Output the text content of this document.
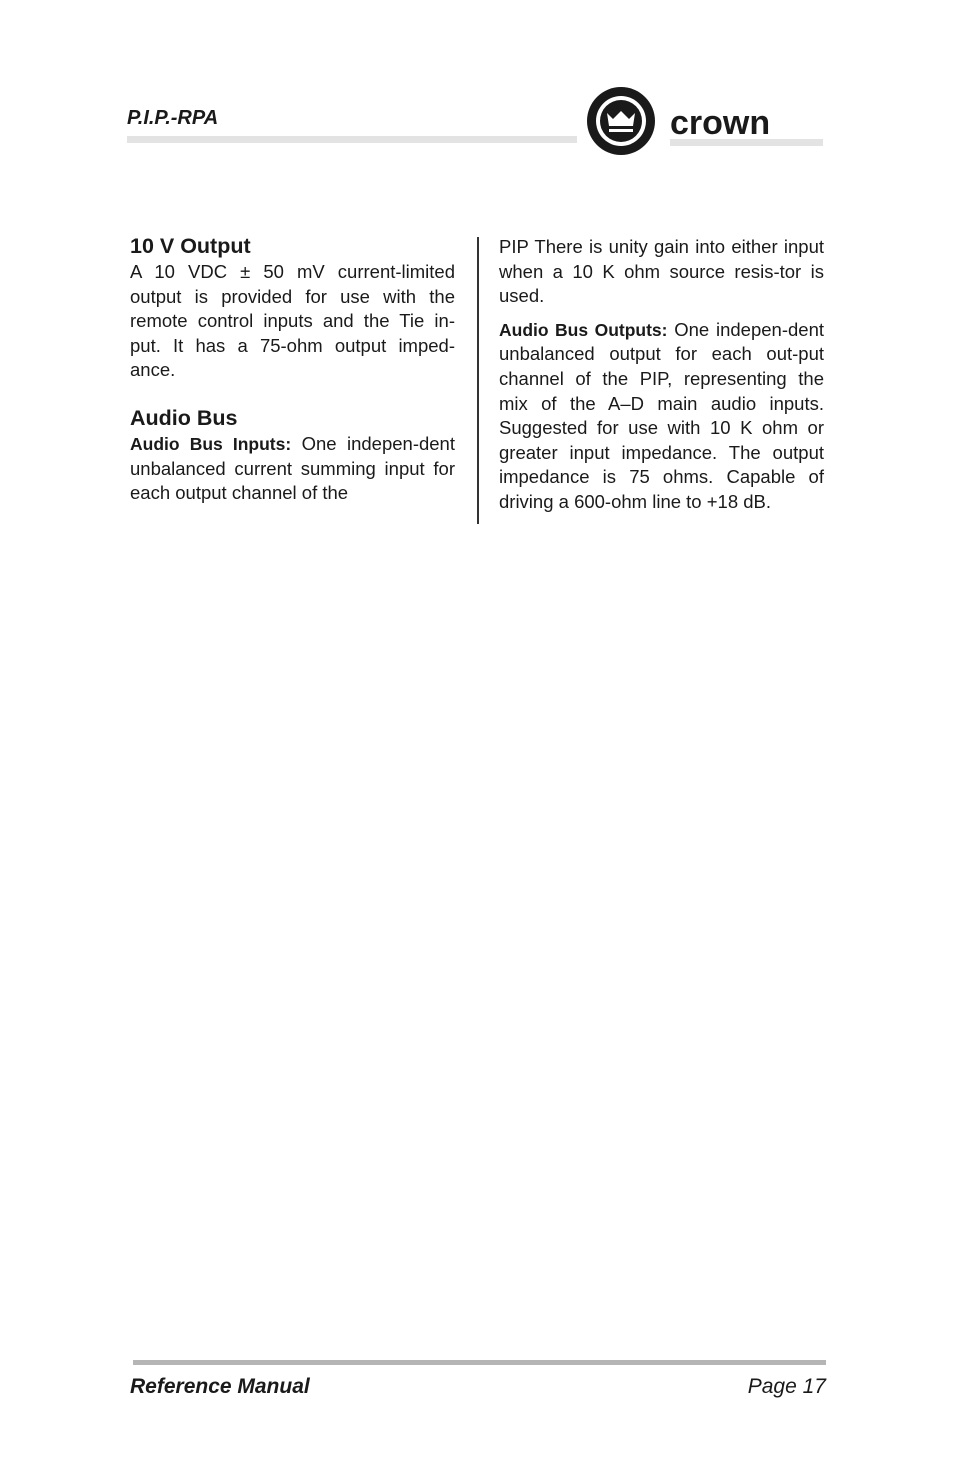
P.I.P.-RPA	crown
10 V Output

A 10 VDC ± 50 mV current-limited output is provided for use with the remote control inputs and the Tie in-put. It has a 75-ohm output imped-ance.

Audio Bus

Audio Bus Inputs: One indepen-dent unbalanced current summing input for each output channel of the

PIP There is unity gain into either input when a 10 K ohm source resis-tor is used.

Audio Bus Outputs: One indepen-dent unbalanced output for each out-put channel of the PIP, representing the mix of the A–D main audio inputs. Suggested for use with 10 K ohm or greater input impedance. The output impedance is 75 ohms. Capable of driving a 600-ohm line to +18 dB.

Reference Manual	Page 17
